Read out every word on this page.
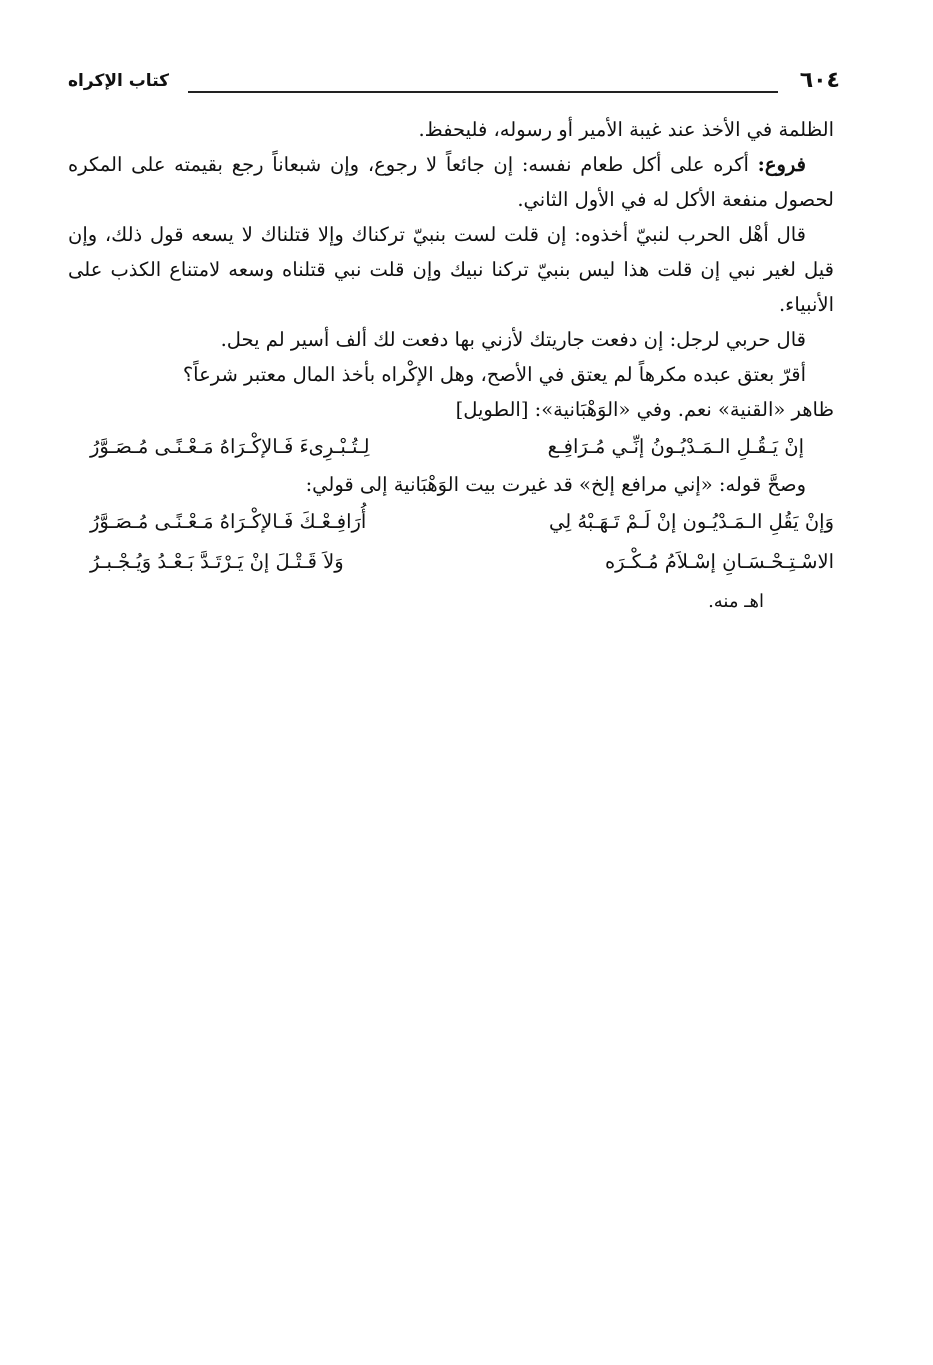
٦٠٤
كتاب الإكراه

الظلمة في الأخذ عند غيبة الأمير أو رسوله، فليحفظ.

فروع: أكره على أكل طعام نفسه: إن جائعاً لا رجوع، وإن شبعاناً رجع بقيمته على المكره لحصول منفعة الأكل له في الأول الثاني.

قال أهْل الحرب لنبيّ أخذوه: إن قلت لست بنبيّ تركناك وإلا قتلناك لا يسعه قول ذلك، وإن قيل لغير نبي إن قلت هذا ليس بنبيّ تركنا نبيك وإن قلت نبي قتلناه وسعه لامتناع الكذب على الأنبياء.

قال حربي لرجل: إن دفعت جاريتك لأزني بها دفعت لك ألف أسير لم يحل.

أقرّ بعتق عبده مكرهاً لم يعتق في الأصح، وهل الإكْراه بأخذ المال معتبر شرعاً؟

ظاهر «القنية» نعم. وفي «الوَهْبَانية»: [الطويل]

إنْ يَـقُـلِ الـمَـدْيُـونُ إنِّـي مُـرَافِـع
لِـتُـبْـرِىءَ فَـالإكْـرَاهُ مَـعْـنًـى مُـصَـوَّرُ

وصحَّ قوله: «إني مرافع إلخ» قد غيرت بيت الوَهْبَانية إلى قولي:

وَإنْ يَقُلِ الـمَـدْيُـون إنْ لَـمْ تَـهَـبْهُ لِي
أُرَافِـعْـكَ فَـالإكْـرَاهُ مَـعْـنًـى مُـصَـوَّرُ
الاسْـتِـحْـسَـانِ إسْـلاَمُ مُـكْـرَه
وَلاَ قَـتْـلَ إنْ يَـرْتَـدَّ بَـعْـدُ وَيُـجْـبـرُ

اهـ منه.
